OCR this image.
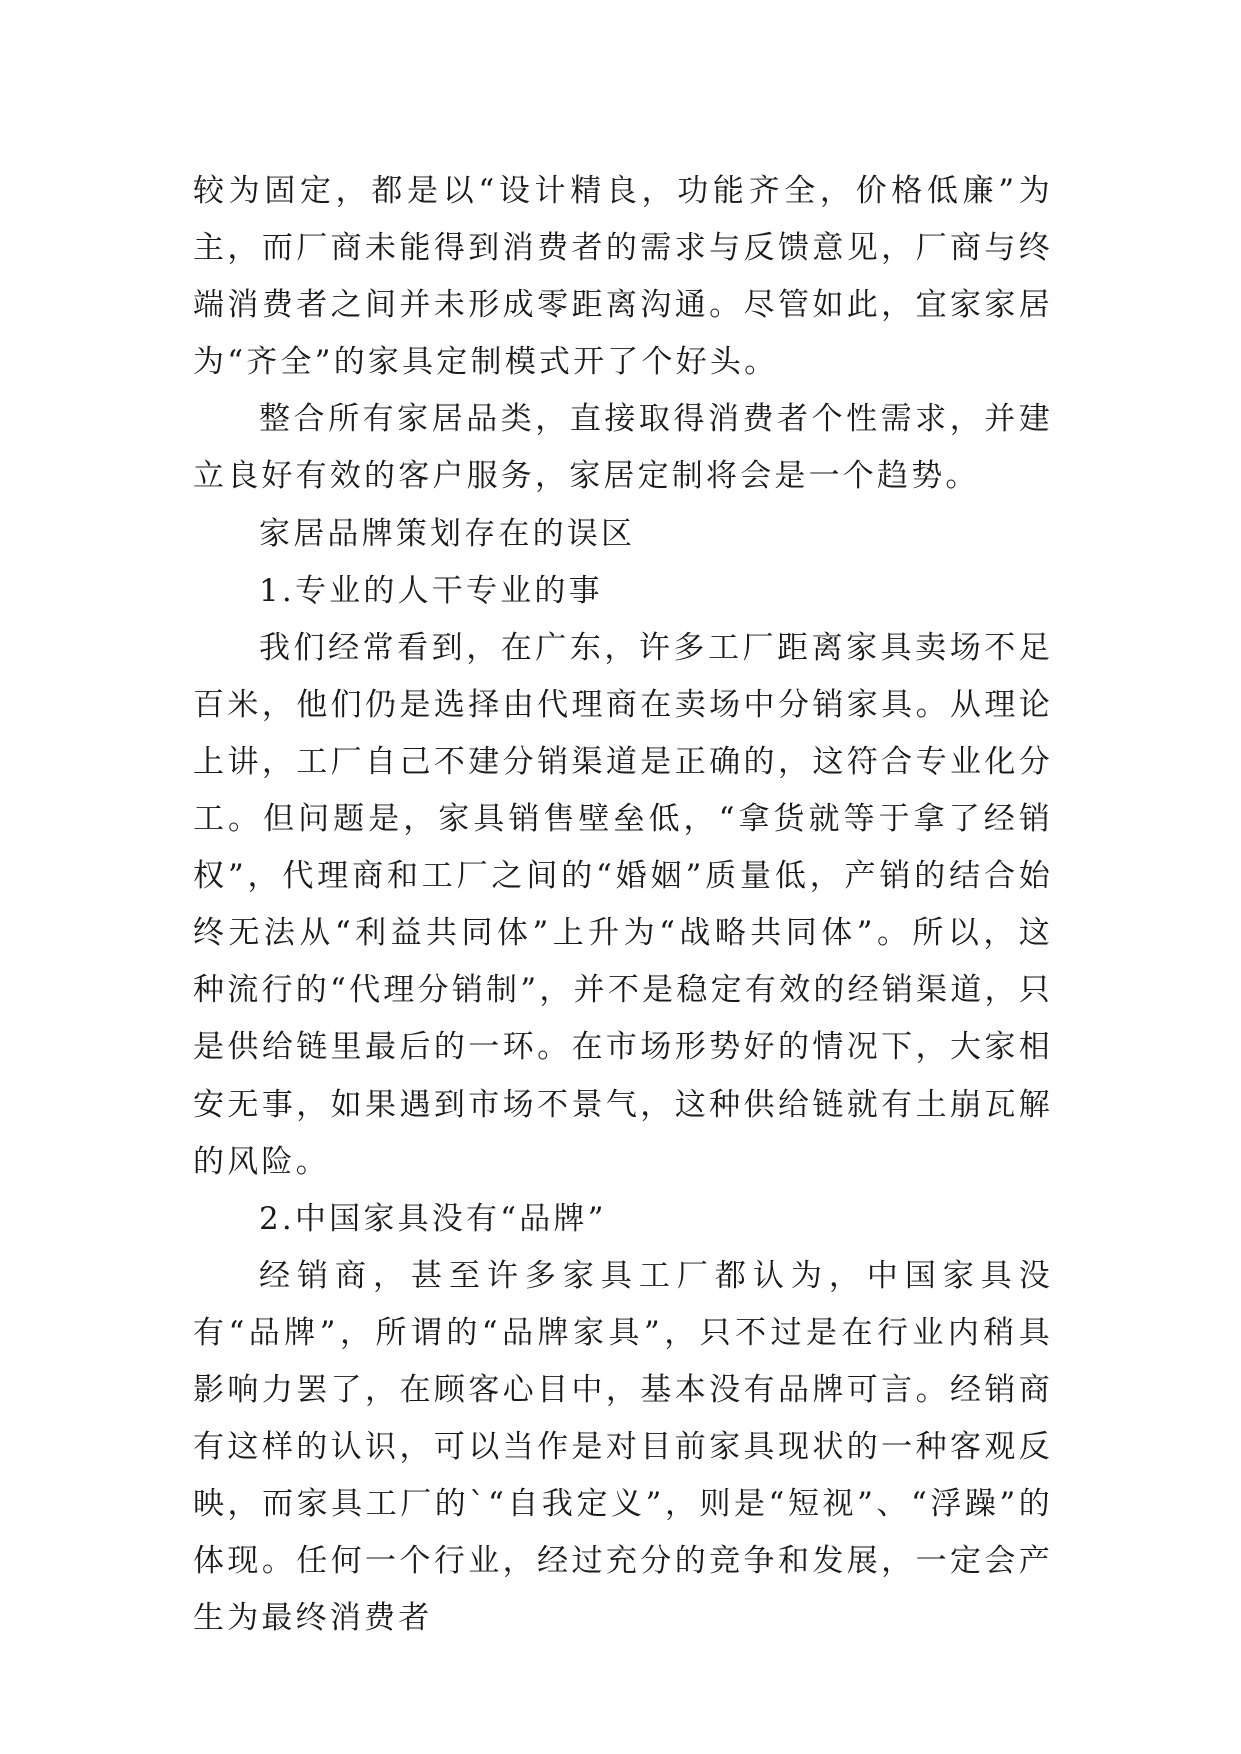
较为固定，都是以“设计精良，功能齐全，价格低廉”为主，而厂商未能得到消费者的需求与反馈意见，厂商与终端消费者之间并未形成零距离沟通。尽管如此，宜家家居为“齐全”的家具定制模式开了个好头。

整合所有家居品类，直接取得消费者个性需求，并建立良好有效的客户服务，家居定制将会是一个趋势。

家居品牌策划存在的误区

1.专业的人干专业的事

我们经常看到，在广东，许多工厂距离家具卖场不足百米，他们仍是选择由代理商在卖场中分销家具。从理论上讲，工厂自己不建分销渠道是正确的，这符合专业化分工。但问题是，家具销售壁垒低，“拿货就等于拿了经销权”，代理商和工厂之间的“婚姻”质量低，产销的结合始终无法从“利益共同体”上升为“战略共同体”。所以，这种流行的“代理分销制”，并不是稳定有效的经销渠道，只是供给链里最后的一环。在市场形势好的情况下，大家相安无事，如果遇到市场不景气，这种供给链就有土崩瓦解的风险。

2.中国家具没有“品牌”

经销商，甚至许多家具工厂都认为，中国家具没有“品牌”，所谓的“品牌家具”，只不过是在行业内稍具影响力罢了，在顾客心目中，基本没有品牌可言。经销商有这样的认识，可以当作是对目前家具现状的一种客观反映，而家具工厂的`“自我定义”，则是“短视”、“浮躁”的体现。任何一个行业，经过充分的竞争和发展，一定会产生为最终消费者
